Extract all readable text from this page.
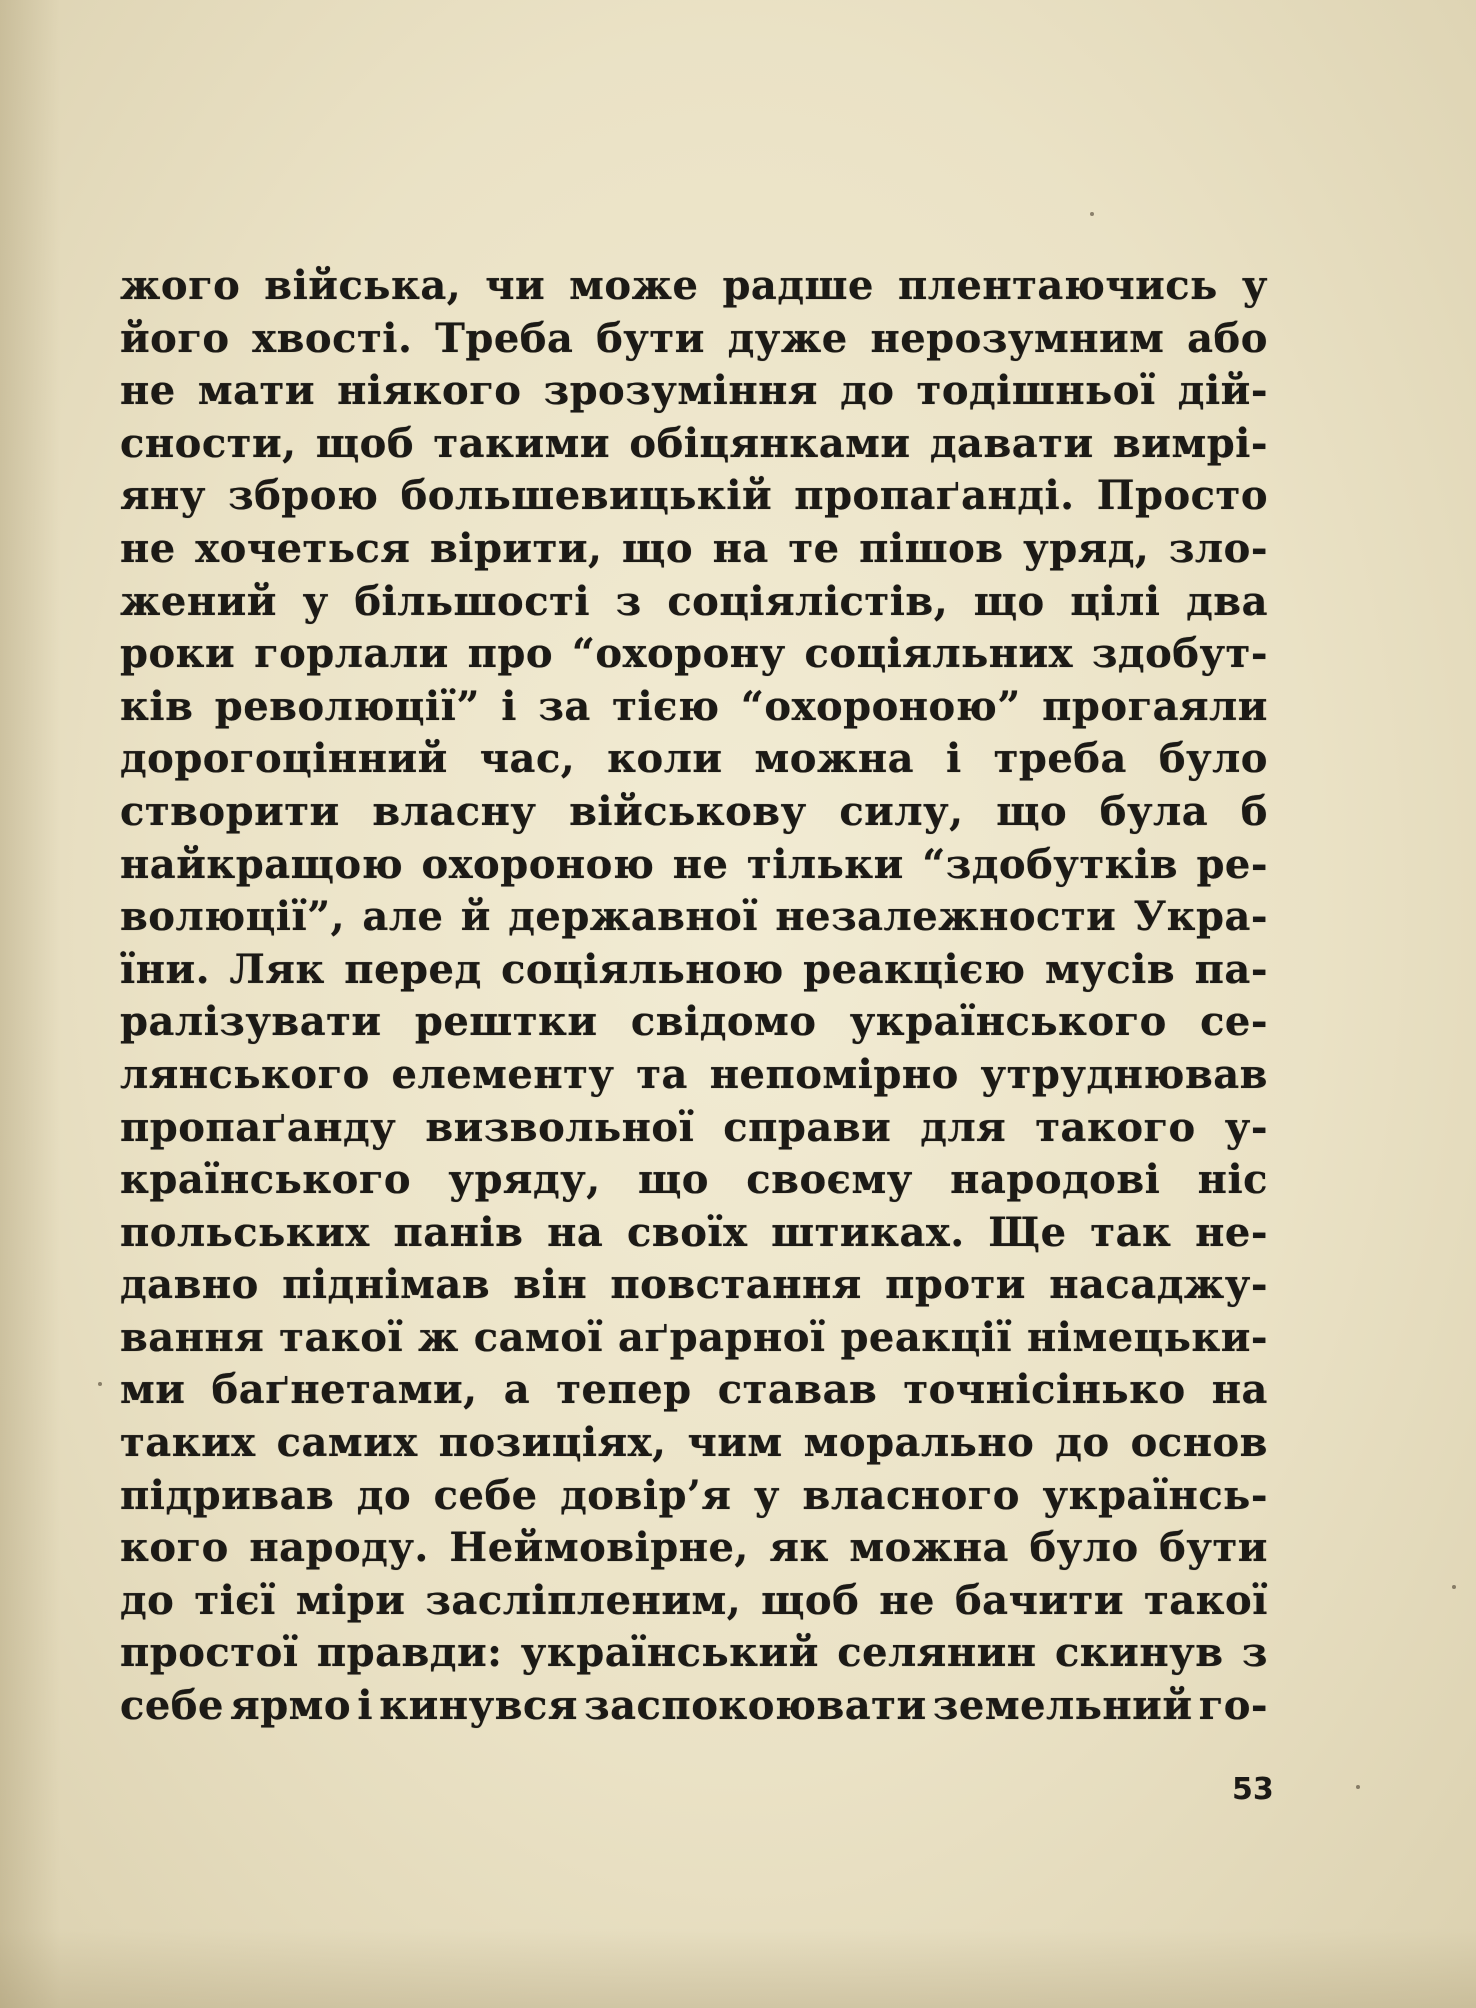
жого війська, чи може радше плентаючись у
його хвості. Треба бути дуже нерозумним або
не мати ніякого зрозуміння до тодішньої дій-
сности, щоб такими обіцянками давати вимрі-
яну зброю большевицькій пропаґанді. Просто
не хочеться вірити, що на те пішов уряд, зло-
жений у більшості з соціялістів, що цілі два
роки горлали про “охорону соціяльних здобут-
ків революції” і за тією “охороною” прогаяли
дорогоцінний час, коли можна і треба було
створити власну військову силу, що була б
найкращою охороною не тільки “здобутків ре-
волюції”, але й державної незалежности Укра-
їни. Ляк перед соціяльною реакцією мусів па-
ралізувати рештки свідомо українського се-
лянського елементу та непомірно утруднював
пропаґанду визвольної справи для такого у-
країнського уряду, що своєму народові ніс
польських панів на своїх штиках. Ще так не-
давно піднімав він повстання проти насаджу-
вання такої ж самої аґрарної реакції німецьки-
ми баґнетами, а тепер ставав точнісінько на
таких самих позиціях, чим морально до основ
підривав до себе довір’я у власного українсь-
кого народу. Неймовірне, як можна було бути
до тієї міри засліпленим, щоб не бачити такої
простої правди: український селянин скинув з
себе ярмо і кинувся заспокоювати земельний го-
53
